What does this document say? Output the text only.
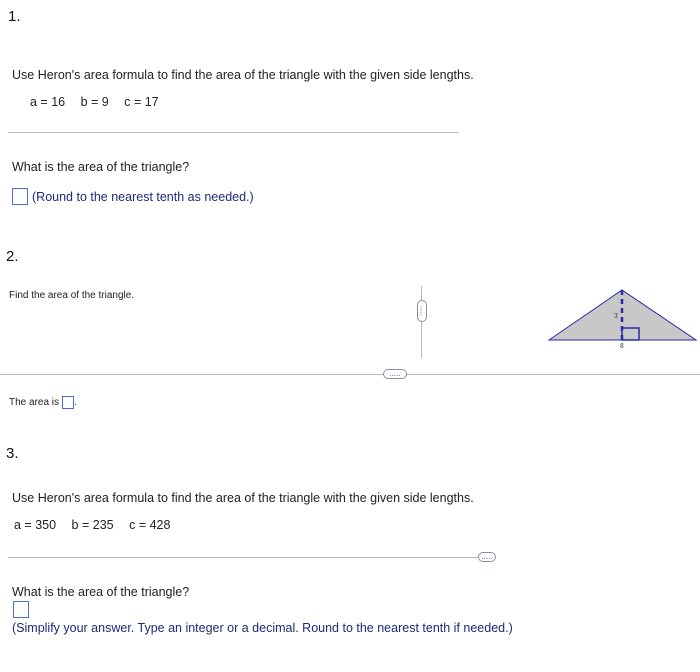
1.
Use Heron's area formula to find the area of the triangle with the given side lengths.
a = 16 b = 9 c = 17
What is the area of the triangle?
(Round to the nearest tenth as needed.)
2.
Find the area of the triangle.
.....	3
8
.....
The area is .
3.
Use Heron's area formula to find the area of the triangle with the given side lengths.
a = 350 b = 235 c = 428
.....
What is the area of the triangle?
(Simplify your answer. Type an integer or a decimal. Round to the nearest tenth if needed.)
